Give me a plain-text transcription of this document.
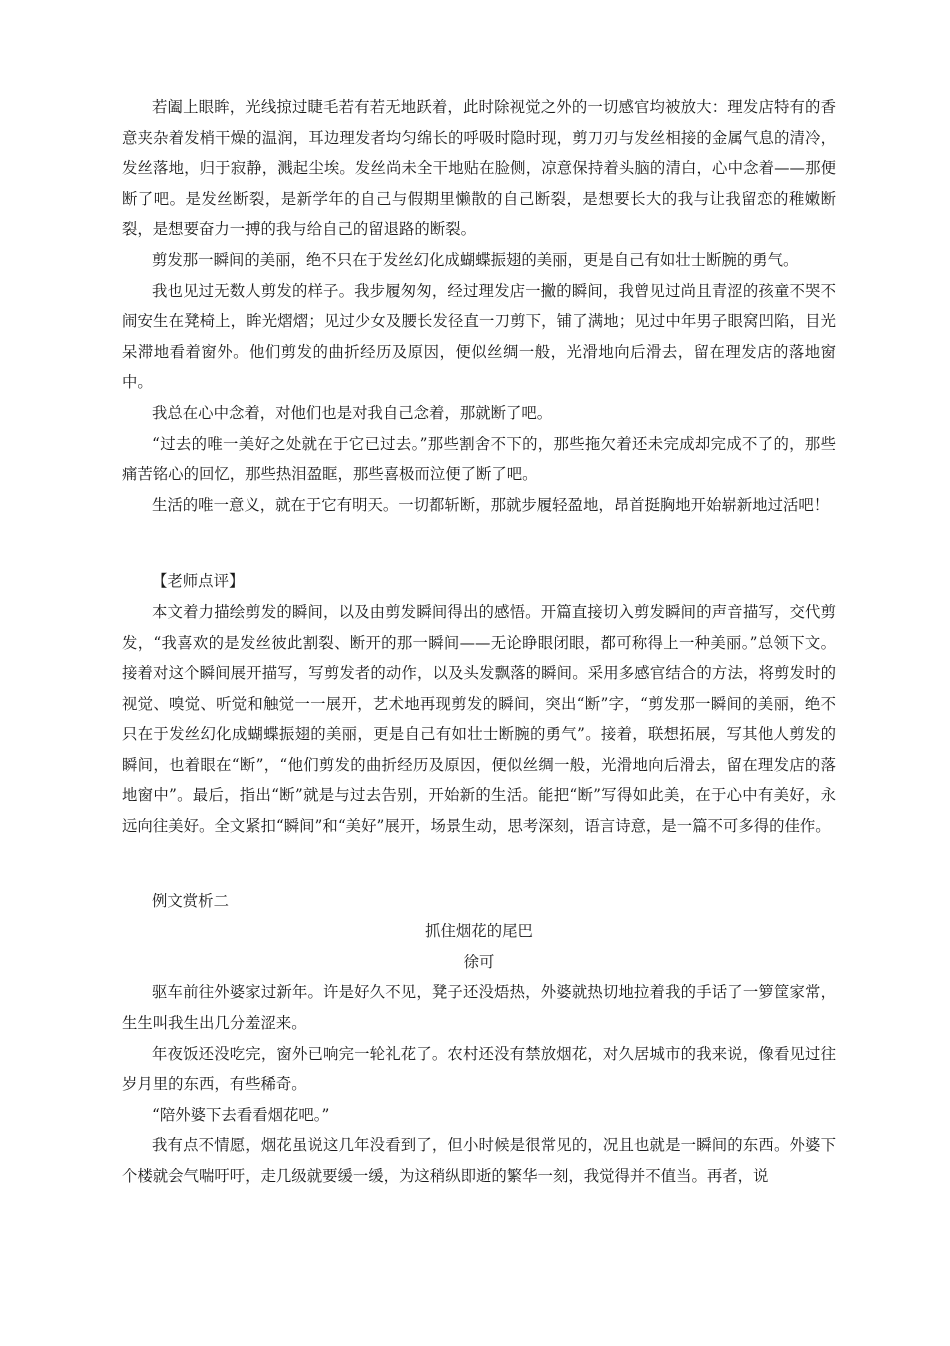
若阖上眼眸，光线掠过睫毛若有若无地跃着，此时除视觉之外的一切感官均被放大：理发店特有的香意夹杂着发梢干燥的温润，耳边理发者均匀绵长的呼吸时隐时现，剪刀刃与发丝相接的金属气息的清冷，发丝落地，归于寂静，溅起尘埃。发丝尚未全干地贴在脸侧，凉意保持着头脑的清白，心中念着——那便断了吧。是发丝断裂，是新学年的自己与假期里懒散的自己断裂，是想要长大的我与让我留恋的稚嫩断裂，是想要奋力一搏的我与给自己的留退路的断裂。

剪发那一瞬间的美丽，绝不只在于发丝幻化成蝴蝶振翅的美丽，更是自己有如壮士断腕的勇气。

我也见过无数人剪发的样子。我步履匆匆，经过理发店一撇的瞬间，我曾见过尚且青涩的孩童不哭不闹安生在凳椅上，眸光熠熠；见过少女及腰长发径直一刀剪下，铺了满地；见过中年男子眼窝凹陷，目光呆滞地看着窗外。他们剪发的曲折经历及原因，便似丝绸一般，光滑地向后滑去，留在理发店的落地窗中。

我总在心中念着，对他们也是对我自己念着，那就断了吧。

“过去的唯一美好之处就在于它已过去。”那些割舍不下的，那些拖欠着还未完成却完成不了的，那些痛苦铭心的回忆，那些热泪盈眶，那些喜极而泣便了断了吧。

生活的唯一意义，就在于它有明天。一切都斩断，那就步履轻盈地，昂首挺胸地开始崭新地过活吧！

【老师点评】

本文着力描绘剪发的瞬间，以及由剪发瞬间得出的感悟。开篇直接切入剪发瞬间的声音描写，交代剪发，“我喜欢的是发丝彼此割裂、断开的那一瞬间——无论睁眼闭眼，都可称得上一种美丽。”总领下文。接着对这个瞬间展开描写，写剪发者的动作，以及头发飘落的瞬间。采用多感官结合的方法，将剪发时的视觉、嗅觉、听觉和触觉一一展开，艺术地再现剪发的瞬间，突出“断”字，“剪发那一瞬间的美丽，绝不只在于发丝幻化成蝴蝶振翅的美丽，更是自己有如壮士断腕的勇气”。接着，联想拓展，写其他人剪发的瞬间，也着眼在“断”，“他们剪发的曲折经历及原因，便似丝绸一般，光滑地向后滑去，留在理发店的落地窗中”。最后，指出“断”就是与过去告别，开始新的生活。能把“断”写得如此美，在于心中有美好，永远向往美好。全文紧扣“瞬间”和“美好”展开，场景生动，思考深刻，语言诗意，是一篇不可多得的佳作。

例文赏析二

抓住烟花的尾巴

徐可

驱车前往外婆家过新年。许是好久不见，凳子还没焐热，外婆就热切地拉着我的手话了一箩筐家常，生生叫我生出几分羞涩来。

年夜饭还没吃完，窗外已响完一轮礼花了。农村还没有禁放烟花，对久居城市的我来说，像看见过往岁月里的东西，有些稀奇。

“陪外婆下去看看烟花吧。”

我有点不情愿，烟花虽说这几年没看到了，但小时候是很常见的，况且也就是一瞬间的东西。外婆下个楼就会气喘吁吁，走几级就要缓一缓，为这稍纵即逝的繁华一刻，我觉得并不值当。再者，说
